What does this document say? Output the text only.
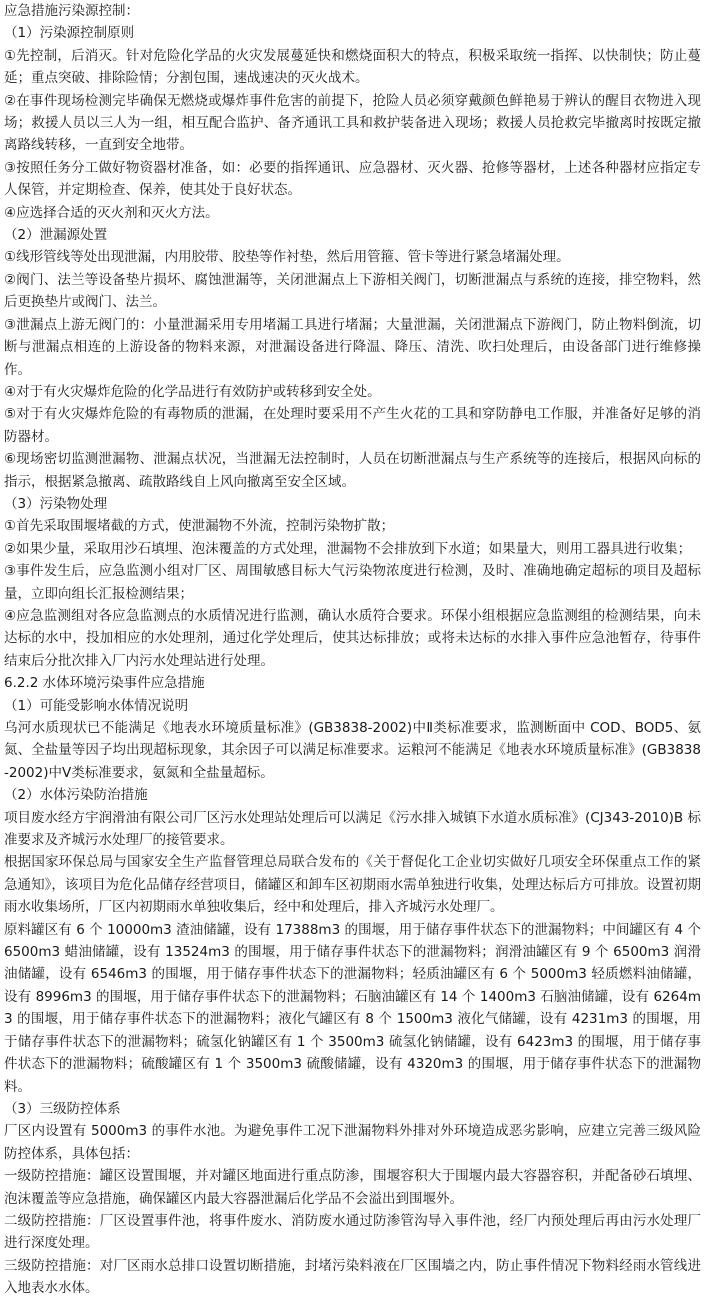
应急措施污染源控制：

（1）污染源控制原则

①先控制，后消灭。针对危险化学品的火灾发展蔓延快和燃烧面积大的特点，积极采取统一指挥、以快制快；防止蔓延；重点突破、排除险情；分割包围，速战速决的灭火战术。

②在事件现场检测完毕确保无燃烧或爆炸事件危害的前提下，抢险人员必须穿戴颜色鲜艳易于辨认的醒目衣物进入现场；救援人员以三人为一组，相互配合监护、备齐通讯工具和救护装备进入现场；救援人员抢救完毕撤离时按既定撤离路线转移，一直到安全地带。

③按照任务分工做好物资器材准备，如：必要的指挥通讯、应急器材、灭火器、抢修等器材，上述各种器材应指定专人保管，并定期检查、保养，使其处于良好状态。

④应选择合适的灭火剂和灭火方法。

（2）泄漏源处置

①线形管线等处出现泄漏，内用胶带、胶垫等作衬垫，然后用管箍、管卡等进行紧急堵漏处理。

②阀门、法兰等设备垫片损坏、腐蚀泄漏等，关闭泄漏点上下游相关阀门，切断泄漏点与系统的连接，排空物料，然后更换垫片或阀门、法兰。

③泄漏点上游无阀门的：小量泄漏采用专用堵漏工具进行堵漏；大量泄漏，关闭泄漏点下游阀门，防止物料倒流，切断与泄漏点相连的上游设备的物料来源，对泄漏设备进行降温、降压、清洗、吹扫处理后，由设备部门进行维修操作。

④对于有火灾爆炸危险的化学品进行有效防护或转移到安全处。

⑤对于有火灾爆炸危险的有毒物质的泄漏，在处理时要采用不产生火花的工具和穿防静电工作服，并准备好足够的消防器材。

⑥现场密切监测泄漏物、泄漏点状况，当泄漏无法控制时，人员在切断泄漏点与生产系统等的连接后，根据风向标的指示，根据紧急撤离、疏散路线自上风向撤离至安全区域。

（3）污染物处理

①首先采取围堰堵截的方式，使泄漏物不外流，控制污染物扩散；

②如果少量，采取用沙石填埋、泡沫覆盖的方式处理，泄漏物不会排放到下水道；如果量大，则用工器具进行收集；

③事件发生后，应急监测小组对厂区、周围敏感目标大气污染物浓度进行检测，及时、准确地确定超标的项目及超标量，立即向组长汇报检测结果；

④应急监测组对各应急监测点的水质情况进行监测，确认水质符合要求。环保小组根据应急监测组的检测结果，向未达标的水中，投加相应的水处理剂，通过化学处理后，使其达标排放；或将未达标的水排入事件应急池暂存，待事件结束后分批次排入厂内污水处理站进行处理。

6.2.2 水体环境污染事件应急措施

（1）可能受影响水体情况说明

乌河水质现状已不能满足《地表水环境质量标准》(GB3838-2002)中Ⅱ类标准要求，监测断面中 COD、BOD5、氨氮、全盐量等因子均出现超标现象，其余因子可以满足标准要求。运粮河不能满足《地表水环境质量标准》(GB3838-2002)中Ⅴ类标准要求，氨氮和全盐量超标。

（2）水体污染防治措施

项目废水经方宇润滑油有限公司厂区污水处理站处理后可以满足《污水排入城镇下水道水质标准》(CJ343-2010)B 标准要求及齐城污水处理厂的接管要求。

根据国家环保总局与国家安全生产监督管理总局联合发布的《关于督促化工企业切实做好几项安全环保重点工作的紧急通知》，该项目为危化品储存经营项目，储罐区和卸车区初期雨水需单独进行收集，处理达标后方可排放。设置初期雨水收集场所，厂区内初期雨水单独收集后，经中和处理后，排入齐城污水处理厂。

原料罐区有 6 个 10000m3 渣油储罐，设有 17388m3 的围堰，用于储存事件状态下的泄漏物料；中间罐区有 4 个 6500m3 蜡油储罐，设有 13524m3 的围堰，用于储存事件状态下的泄漏物料；润滑油罐区有 9 个 6500m3 润滑油储罐，设有 6546m3 的围堰，用于储存事件状态下的泄漏物料；轻质油罐区有 6 个 5000m3 轻质燃料油储罐，设有 8996m3 的围堰，用于储存事件状态下的泄漏物料；石脑油罐区有 14 个 1400m3 石脑油储罐，设有 6264m3 的围堰，用于储存事件状态下的泄漏物料；液化气罐区有 8 个 1500m3 液化气储罐，设有 4231m3 的围堰，用于储存事件状态下的泄漏物料；硫氢化钠罐区有 1 个 3500m3 硫氢化钠储罐，设有 6423m3 的围堰，用于储存事件状态下的泄漏物料；硫酸罐区有 1 个 3500m3 硫酸储罐，设有 4320m3 的围堰，用于储存事件状态下的泄漏物料。

（3）三级防控体系

厂区内设置有 5000m3 的事件水池。为避免事件工况下泄漏物料外排对外环境造成恶劣影响，应建立完善三级风险防控体系，具体包括：

一级防控措施：罐区设置围堰，并对罐区地面进行重点防渗，围堰容积大于围堰内最大容器容积，并配备砂石填埋、泡沫覆盖等应急措施，确保罐区内最大容器泄漏后化学品不会溢出到围堰外。

二级防控措施：厂区设置事件池，将事件废水、消防废水通过防渗管沟导入事件池，经厂内预处理后再由污水处理厂进行深度处理。

三级防控措施：对厂区雨水总排口设置切断措施，封堵污染料液在厂区围墙之内，防止事件情况下物料经雨水管线进入地表水水体。
